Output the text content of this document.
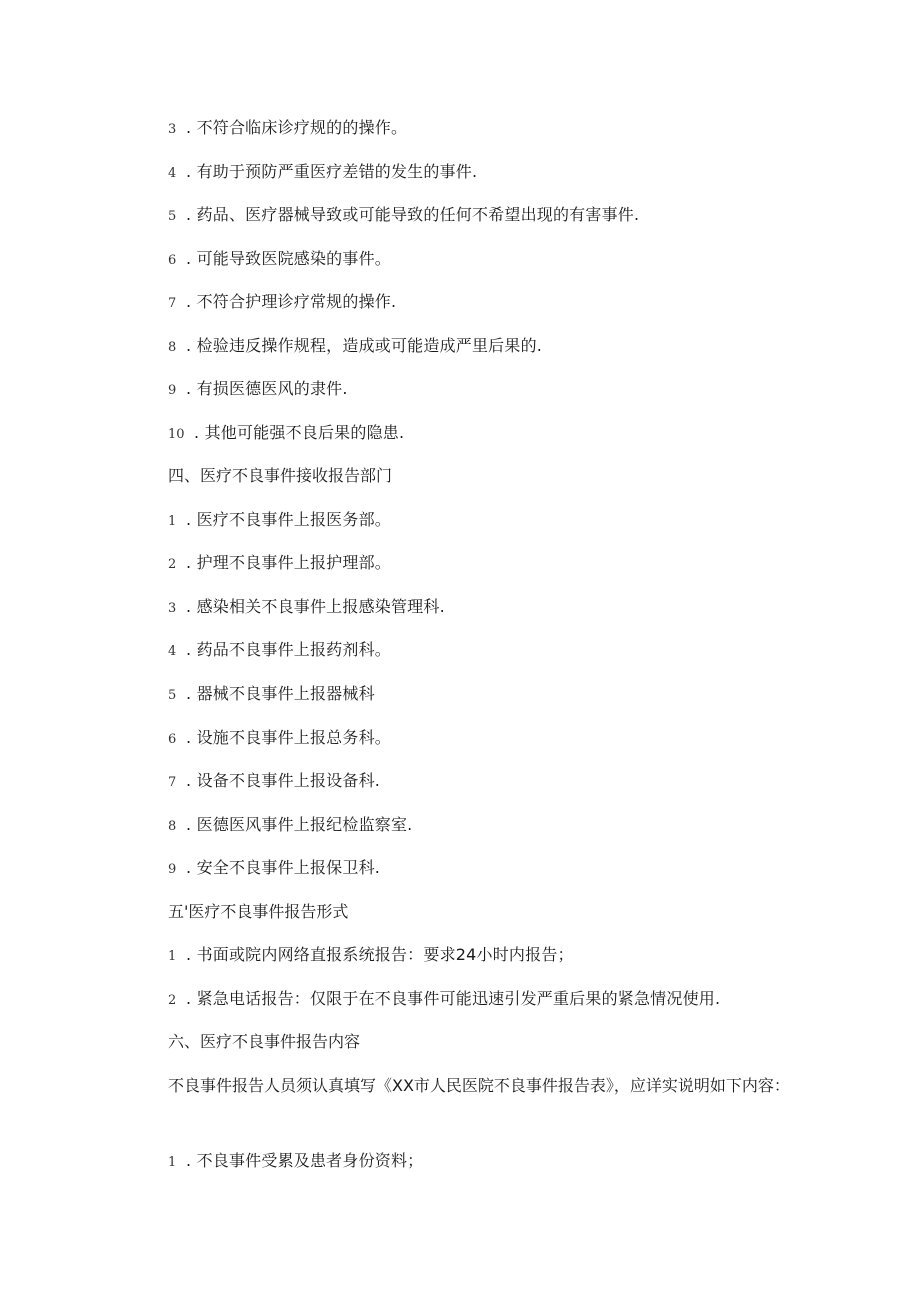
3 . 不符合临床诊疗规的的操作。
4 . 有助于预防严重医疗差错的发生的事件.
5 . 药品、医疗器械导致或可能导致的任何不希望出现的有害事件.
6 . 可能导致医院感染的事件。
7 . 不符合护理诊疗常规的操作.
8 . 检验违反操作规程，造成或可能造成严里后果的.
9 . 有损医德医风的隶件.
10 . 其他可能强不良后果的隐患.
四、医疗不良事件接收报告部门
1 . 医疗不良事件上报医务部。
2 . 护理不良事件上报护理部。
3 . 感染相关不良事件上报感染管理科.
4 . 药品不良事件上报药剂科。
5 . 器械不良事件上报器械科
6 . 设施不良事件上报总务科。
7 . 设备不良事件上报设备科.
8 . 医德医风事件上报纪检监察室.
9 . 安全不良事件上报保卫科.
五'医疗不良事件报告形式
1 . 书面或院内网络直报系统报告：要求24小时内报告；
2 . 紧急电话报告：仅限于在不良事件可能迅速引发严重后果的紧急情况使用.
六、医疗不良事件报告内容
不良事件报告人员须认真填写《XX市人民医院不良事件报告表》，应详实说明如下内容：
1 . 不良事件受累及患者身份资料；
